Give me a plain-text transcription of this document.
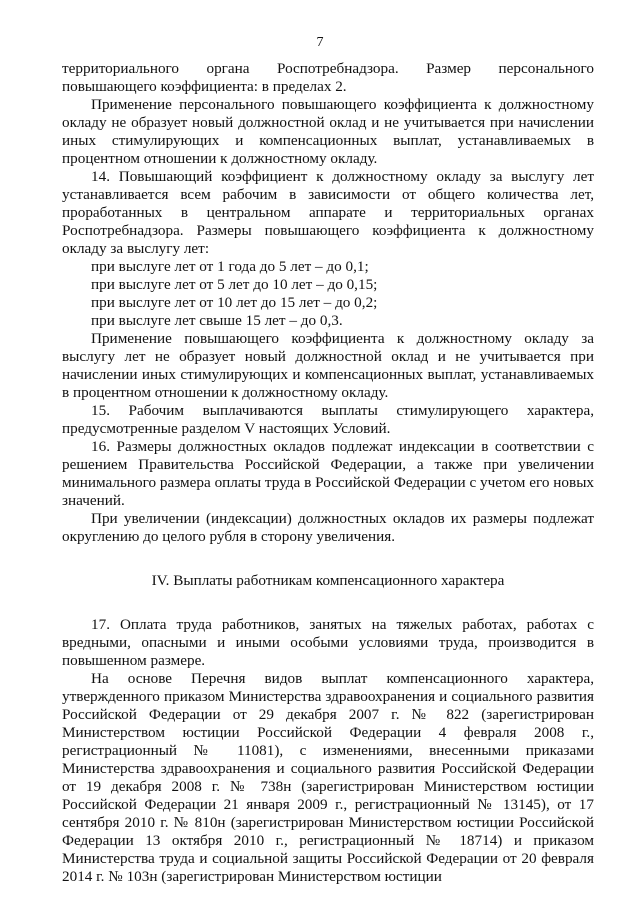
7

территориального органа Роспотребнадзора. Размер персонального повышающего коэффициента: в пределах 2.

Применение персонального повышающего коэффициента к должностному окладу не образует новый должностной оклад и не учитывается при начислении иных стимулирующих и компенсационных выплат, устанавливаемых в процентном отношении к должностному окладу.

14. Повышающий коэффициент к должностному окладу за выслугу лет устанавливается всем рабочим в зависимости от общего количества лет, проработанных в центральном аппарате и территориальных органах Роспотребнадзора. Размеры повышающего коэффициента к должностному окладу за выслугу лет:

при выслуге лет от 1 года до 5 лет – до 0,1;
при выслуге лет от 5 лет до 10 лет – до 0,15;
при выслуге лет от 10 лет до 15 лет – до 0,2;
при выслуге лет свыше 15 лет – до 0,3.

Применение повышающего коэффициента к должностному окладу за выслугу лет не образует новый должностной оклад и не учитывается при начислении иных стимулирующих и компенсационных выплат, устанавливаемых в процентном отношении к должностному окладу.

15. Рабочим выплачиваются выплаты стимулирующего характера, предусмотренные разделом V настоящих Условий.

16. Размеры должностных окладов подлежат индексации в соответствии с решением Правительства Российской Федерации, а также при увеличении минимального размера оплаты труда в Российской Федерации с учетом его новых значений.

При увеличении (индексации) должностных окладов их размеры подлежат округлению до целого рубля в сторону увеличения.

IV. Выплаты работникам компенсационного характера

17. Оплата труда работников, занятых на тяжелых работах, работах с вредными, опасными и иными особыми условиями труда, производится в повышенном размере.

На основе Перечня видов выплат компенсационного характера, утвержденного приказом Министерства здравоохранения и социального развития Российской Федерации от 29 декабря 2007 г. № 822 (зарегистрирован Министерством юстиции Российской Федерации 4 февраля 2008 г., регистрационный № 11081), с изменениями, внесенными приказами Министерства здравоохранения и социального развития Российской Федерации от 19 декабря 2008 г. № 738н (зарегистрирован Министерством юстиции Российской Федерации 21 января 2009 г., регистрационный № 13145), от 17 сентября 2010 г. № 810н (зарегистрирован Министерством юстиции Российской Федерации 13 октября 2010 г., регистрационный № 18714) и приказом Министерства труда и социальной защиты Российской Федерации от 20 февраля 2014 г. № 103н (зарегистрирован Министерством юстиции
